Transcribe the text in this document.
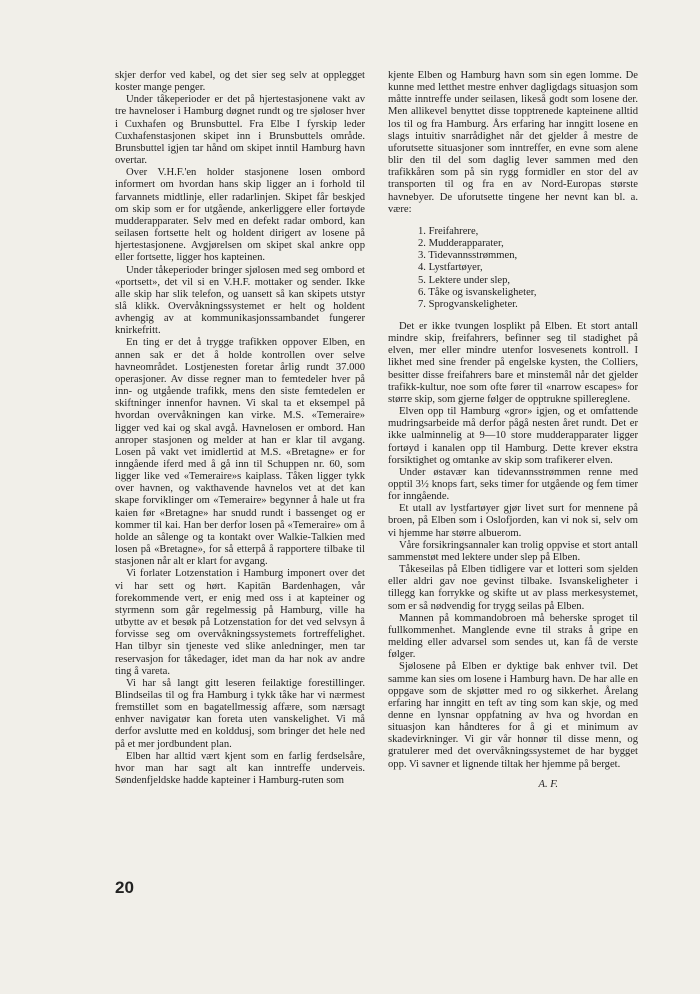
skjer derfor ved kabel, og det sier seg selv at opplegget koster mange penger.

Under tåkeperioder er det på hjertestasjonene vakt av tre havneloser i Hamburg døgnet rundt og tre sjøloser hver i Cuxhafen og Brunsbuttel. Fra Elbe I fyrskip leder Cuxhafenstasjonen skipet inn i Brunsbuttels område. Brunsbuttel igjen tar hånd om skipet inntil Hamburg havn overtar.

Over V.H.F.'en holder stasjonene losen ombord informert om hvordan hans skip ligger an i forhold til farvannets midtlinje, eller radarlinjen. Skipet får beskjed om skip som er for utgående, ankerliggere eller fortøyde mudderapparater. Selv med en defekt radar ombord, kan seilasen fortsette helt og holdent dirigert av losene på hjertestasjonene. Avgjørelsen om skipet skal ankre opp eller fortsette, ligger hos kapteinen.

Under tåkeperioder bringer sjølosen med seg ombord et «portsett», det vil si en V.H.F. mottaker og sender. Ikke alle skip har slik telefon, og uansett så kan skipets utstyr slå klikk. Overvåkningssystemet er helt og holdent avhengig av at kommunikasjonssambandet fungerer knirkefritt.

En ting er det å trygge trafikken oppover Elben, en annen sak er det å holde kontrollen over selve havneområdet. Lostjenesten foretar årlig rundt 37.000 operasjoner. Av disse regner man to femtedeler hver på inn- og utgående trafikk, mens den siste femtedelen er skiftninger innenfor havnen. Vi skal ta et eksempel på hvordan overvåkningen kan virke. M.S. «Temeraire» ligger ved kai og skal avgå. Havnelosen er ombord. Han anroper stasjonen og melder at han er klar til avgang. Losen på vakt vet imidlertid at M.S. «Bretagne» er for inngående iferd med å gå inn til Schuppen nr. 60, som ligger like ved «Temeraire»s kaiplass. Tåken ligger tykk over havnen, og vakthavende havnelos vet at det kan skape forviklinger om «Temeraire» begynner å hale ut fra kaien før «Bretagne» har snudd rundt i bassenget og er kommer til kai. Han ber derfor losen på «Temeraire» om å holde an sålenge og ta kontakt over Walkie-Talkien med losen på «Bretagne», for så etterpå å rapportere tilbake til stasjonen når alt er klart for avgang.

Vi forlater Lotzenstation i Hamburg imponert over det vi har sett og hørt. Kapitän Bardenhagen, vår forekommende vert, er enig med oss i at kapteiner og styrmenn som går regelmessig på Hamburg, ville ha utbytte av et besøk på Lotzenstation for det ved selvsyn å forvisse seg om overvåkningssystemets fortreffelighet. Han tilbyr sin tjeneste ved slike anledninger, men tar reservasjon for tåkedager, idet man da har nok av andre ting å vareta.

Vi har så langt gitt leseren feilaktige forestillinger. Blindseilas til og fra Hamburg i tykk tåke har vi nærmest fremstillet som en bagatellmessig affære, som nærsagt enhver navigatør kan foreta uten vanskelighet. Vi må derfor avslutte med en kolddusj, som bringer det hele ned på et mer jordbundent plan.

Elben har alltid vært kjent som en farlig ferdselsåre, hvor man har sagt alt kan inntreffe underveis. Søndenfjeldske hadde kapteiner i Hamburg-ruten som

kjente Elben og Hamburg havn som sin egen lomme. De kunne med letthet mestre enhver dagligdags situasjon som måtte inntreffe under seilasen, likeså godt som losene der. Men allikevel benyttet disse topptrenede kapteinene alltid los til og fra Hamburg. Års erfaring har inngitt losene en slags intuitiv snarrådighet når det gjelder å mestre de uforutsette situasjoner som inntreffer, en evne som alene blir den til del som daglig lever sammen med den trafikkåren som på sin rygg formidler en stor del av transporten til og fra en av Nord-Europas største havnebyer. De uforutsette tingene her nevnt kan bl. a. være:

1. Freifahrere,
2. Mudderapparater,
3. Tidevannsstrømmen,
4. Lystfartøyer,
5. Lektere under slep,
6. Tåke og isvanskeligheter,
7. Sprogvanskeligheter.

Det er ikke tvungen losplikt på Elben. Et stort antall mindre skip, freifahrers, befinner seg til stadighet på elven, mer eller mindre utenfor losvesenets kontroll. I likhet med sine frender på engelske kysten, the Colliers, besitter disse freifahrers bare et minstemål når det gjelder trafikk-kultur, noe som ofte fører til «narrow escapes» for større skip, som gjerne følger de opptrukne spillereglene.

Elven opp til Hamburg «gror» igjen, og et omfattende mudringsarbeide må derfor pågå nesten året rundt. Det er ikke ualminnelig at 9—10 store mudderapparater ligger fortøyd i kanalen opp til Hamburg. Dette krever ekstra forsiktighet og omtanke av skip som trafikerer elven.

Under østavær kan tidevannsstrømmen renne med opptil 3½ knops fart, seks timer for utgående og fem timer for inngående.

Et utall av lystfartøyer gjør livet surt for mennene på broen, på Elben som i Oslofjorden, kan vi nok si, selv om vi hjemme har større albuerom.

Våre forsikringsannaler kan trolig oppvise et stort antall sammenstøt med lektere under slep på Elben.

Tåkeseilas på Elben tidligere var et lotteri som sjelden eller aldri gav noe gevinst tilbake. Isvanskeligheter i tillegg kan forrykke og skifte ut av plass merkesystemet, som er så nødvendig for trygg seilas på Elben.

Mannen på kommandobroen må beherske sproget til fullkommenhet. Manglende evne til straks å gripe en melding eller advarsel som sendes ut, kan få de verste følger.

Sjølosene på Elben er dyktige bak enhver tvil. Det samme kan sies om losene i Hamburg havn. De har alle en oppgave som de skjøtter med ro og sikkerhet. Årelang erfaring har inngitt en teft av ting som kan skje, og med denne en lynsnar oppfatning av hva og hvordan en situasjon kan håndteres for å gi et minimum av skadevirkninger. Vi gir vår honnør til disse menn, og gratulerer med det overvåkningssystemet de har bygget opp. Vi savner et lignende tiltak her hjemme på berget.

A. F.
20
